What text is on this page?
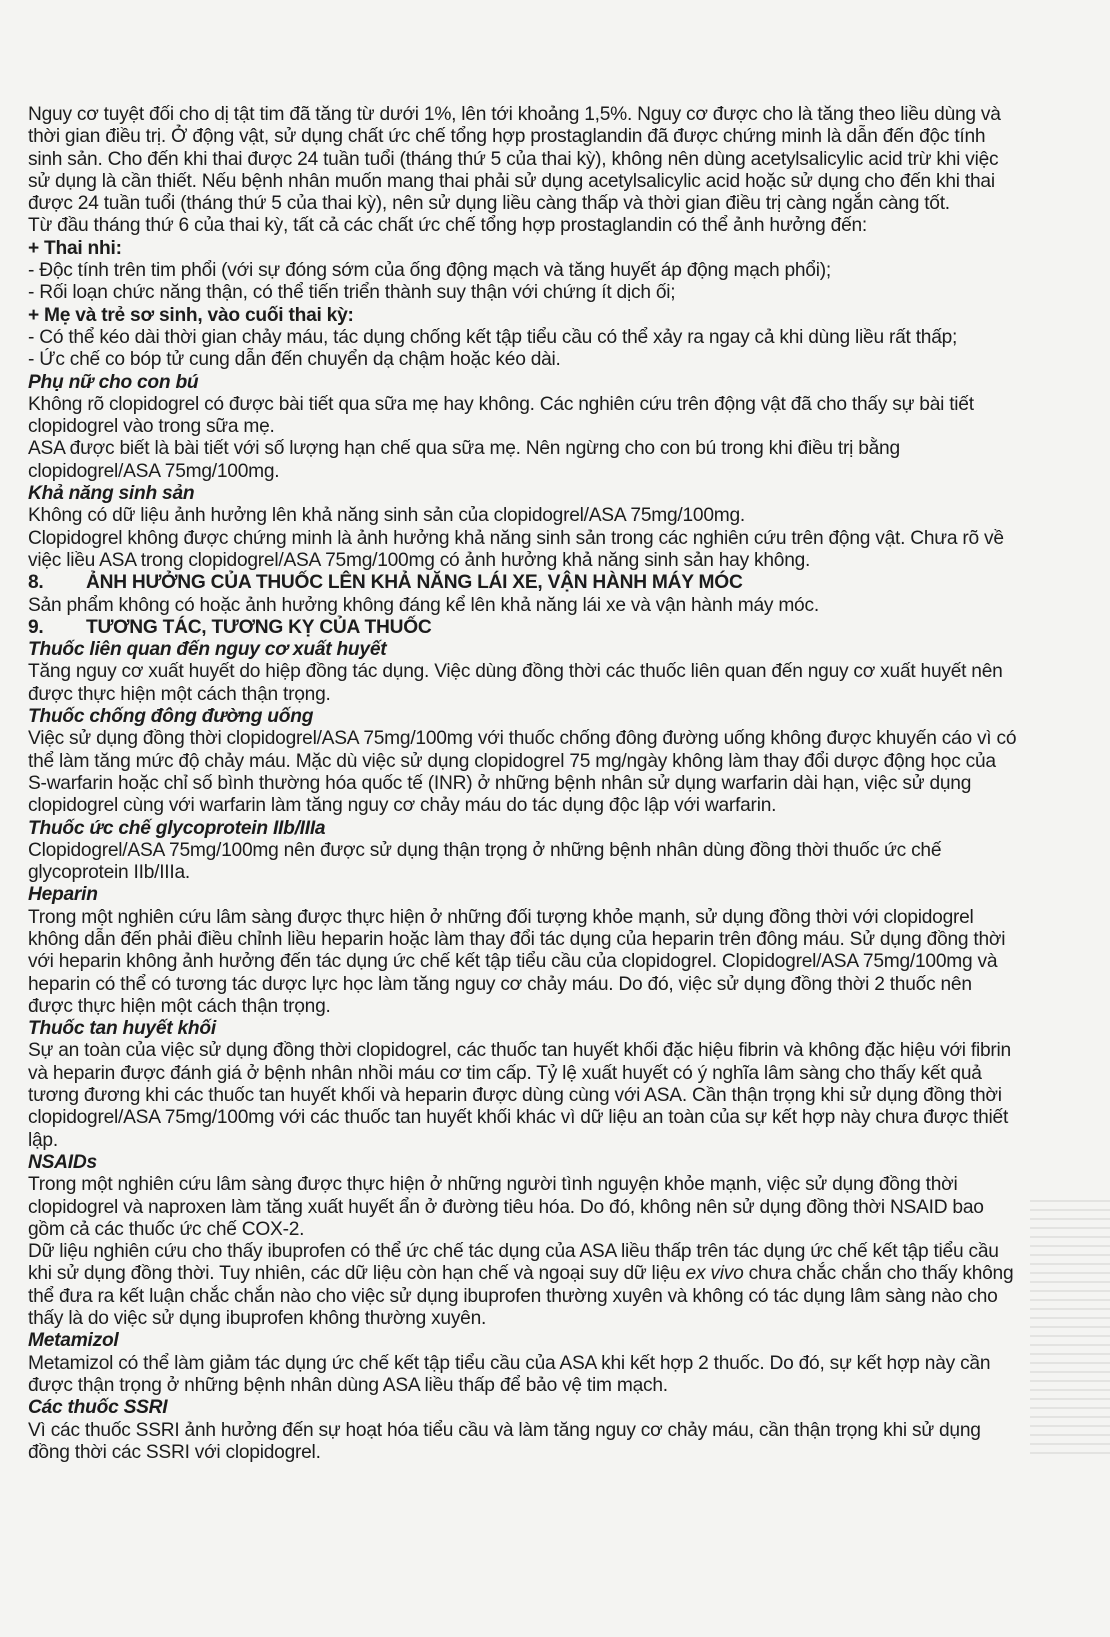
Nguy cơ tuyệt đối cho dị tật tim đã tăng từ dưới 1%, lên tới khoảng 1,5%. Nguy cơ được cho là tăng theo liều dùng và thời gian điều trị. Ở động vật, sử dụng chất ức chế tổng hợp prostaglandin đã được chứng minh là dẫn đến độc tính sinh sản. Cho đến khi thai được 24 tuần tuổi (tháng thứ 5 của thai kỳ), không nên dùng acetylsalicylic acid trừ khi việc sử dụng là cần thiết. Nếu bệnh nhân muốn mang thai phải sử dụng acetylsalicylic acid hoặc sử dụng cho đến khi thai được 24 tuần tuổi (tháng thứ 5 của thai kỳ), nên sử dụng liều càng thấp và thời gian điều trị càng ngắn càng tốt.

Từ đầu tháng thứ 6 của thai kỳ, tất cả các chất ức chế tổng hợp prostaglandin có thể ảnh hưởng đến:

+ Thai nhi:

- Độc tính trên tim phổi (với sự đóng sớm của ống động mạch và tăng huyết áp động mạch phổi);

- Rối loạn chức năng thận, có thể tiến triển thành suy thận với chứng ít dịch ối;

+ Mẹ và trẻ sơ sinh, vào cuối thai kỳ:

- Có thể kéo dài thời gian chảy máu, tác dụng chống kết tập tiểu cầu có thể xảy ra ngay cả khi dùng liều rất thấp;

- Ức chế co bóp tử cung dẫn đến chuyển dạ chậm hoặc kéo dài.

Phụ nữ cho con bú

Không rõ clopidogrel có được bài tiết qua sữa mẹ hay không. Các nghiên cứu trên động vật đã cho thấy sự bài tiết clopidogrel vào trong sữa mẹ.

ASA được biết là bài tiết với số lượng hạn chế qua sữa mẹ. Nên ngừng cho con bú trong khi điều trị bằng clopidogrel/ASA 75mg/100mg.

Khả năng sinh sản

Không có dữ liệu ảnh hưởng lên khả năng sinh sản của clopidogrel/ASA 75mg/100mg.

Clopidogrel không được chứng minh là ảnh hưởng khả năng sinh sản trong các nghiên cứu trên động vật. Chưa rõ về việc liều ASA trong clopidogrel/ASA 75mg/100mg có ảnh hưởng khả năng sinh sản hay không.

8. ẢNH HƯỞNG CỦA THUỐC LÊN KHẢ NĂNG LÁI XE, VẬN HÀNH MÁY MÓC

Sản phẩm không có hoặc ảnh hưởng không đáng kể lên khả năng lái xe và vận hành máy móc.

9. TƯƠNG TÁC, TƯƠNG KỴ CỦA THUỐC

Thuốc liên quan đến nguy cơ xuất huyết

Tăng nguy cơ xuất huyết do hiệp đồng tác dụng. Việc dùng đồng thời các thuốc liên quan đến nguy cơ xuất huyết nên được thực hiện một cách thận trọng.

Thuốc chống đông đường uống

Việc sử dụng đồng thời clopidogrel/ASA 75mg/100mg với thuốc chống đông đường uống không được khuyến cáo vì có thể làm tăng mức độ chảy máu. Mặc dù việc sử dụng clopidogrel 75 mg/ngày không làm thay đổi dược động học của S-warfarin hoặc chỉ số bình thường hóa quốc tế (INR) ở những bệnh nhân sử dụng warfarin dài hạn, việc sử dụng clopidogrel cùng với warfarin làm tăng nguy cơ chảy máu do tác dụng độc lập với warfarin.

Thuốc ức chế glycoprotein IIb/IIIa

Clopidogrel/ASA 75mg/100mg nên được sử dụng thận trọng ở những bệnh nhân dùng đồng thời thuốc ức chế glycoprotein IIb/IIIa.

Heparin

Trong một nghiên cứu lâm sàng được thực hiện ở những đối tượng khỏe mạnh, sử dụng đồng thời với clopidogrel không dẫn đến phải điều chỉnh liều heparin hoặc làm thay đổi tác dụng của heparin trên đông máu. Sử dụng đồng thời với heparin không ảnh hưởng đến tác dụng ức chế kết tập tiểu cầu của clopidogrel. Clopidogrel/ASA 75mg/100mg và heparin có thể có tương tác dược lực học làm tăng nguy cơ chảy máu. Do đó, việc sử dụng đồng thời 2 thuốc nên được thực hiện một cách thận trọng.

Thuốc tan huyết khối

Sự an toàn của việc sử dụng đồng thời clopidogrel, các thuốc tan huyết khối đặc hiệu fibrin và không đặc hiệu với fibrin và heparin được đánh giá ở bệnh nhân nhồi máu cơ tim cấp. Tỷ lệ xuất huyết có ý nghĩa lâm sàng cho thấy kết quả tương đương khi các thuốc tan huyết khối và heparin được dùng cùng với ASA. Cần thận trọng khi sử dụng đồng thời clopidogrel/ASA 75mg/100mg với các thuốc tan huyết khối khác vì dữ liệu an toàn của sự kết hợp này chưa được thiết lập.

NSAIDs

Trong một nghiên cứu lâm sàng được thực hiện ở những người tình nguyện khỏe mạnh, việc sử dụng đồng thời clopidogrel và naproxen làm tăng xuất huyết ẩn ở đường tiêu hóa. Do đó, không nên sử dụng đồng thời NSAID bao gồm cả các thuốc ức chế COX-2.

Dữ liệu nghiên cứu cho thấy ibuprofen có thể ức chế tác dụng của ASA liều thấp trên tác dụng ức chế kết tập tiểu cầu khi sử dụng đồng thời. Tuy nhiên, các dữ liệu còn hạn chế và ngoại suy dữ liệu ex vivo chưa chắc chắn cho thấy không thể đưa ra kết luận chắc chắn nào cho việc sử dụng ibuprofen thường xuyên và không có tác dụng lâm sàng nào cho thấy là do việc sử dụng ibuprofen không thường xuyên.

Metamizol

Metamizol có thể làm giảm tác dụng ức chế kết tập tiểu cầu của ASA khi kết hợp 2 thuốc. Do đó, sự kết hợp này cần được thận trọng ở những bệnh nhân dùng ASA liều thấp để bảo vệ tim mạch.

Các thuốc SSRI

Vì các thuốc SSRI ảnh hưởng đến sự hoạt hóa tiểu cầu và làm tăng nguy cơ chảy máu, cần thận trọng khi sử dụng đồng thời các SSRI với clopidogrel.
